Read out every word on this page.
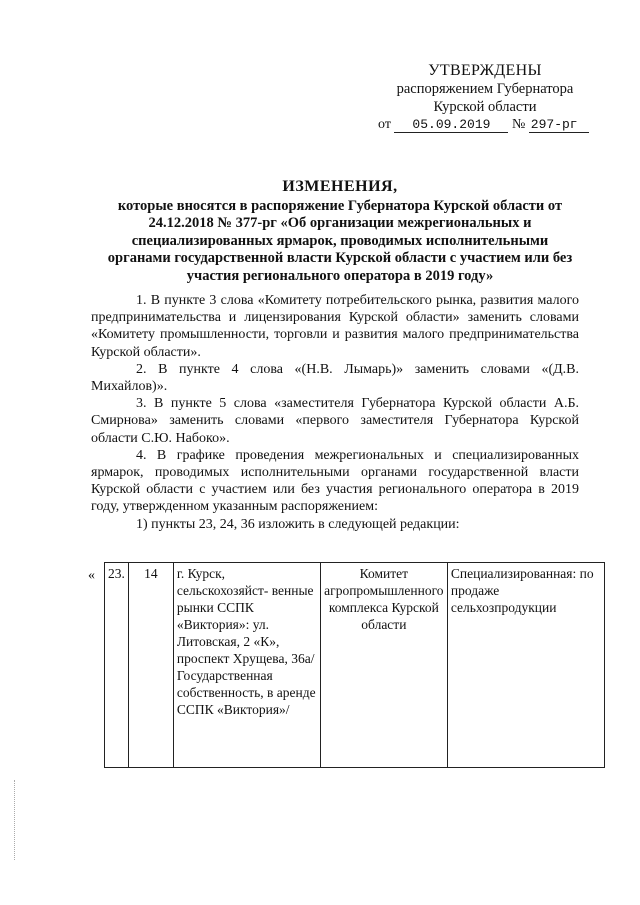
УТВЕРЖДЕНЫ
распоряжением Губернатора
Курской области
от 05.09.2019 № 297-рг
ИЗМЕНЕНИЯ,
которые вносятся в распоряжение Губернатора Курской области от
24.12.2018 № 377-рг «Об организации межрегиональных и
специализированных ярмарок, проводимых исполнительными
органами государственной власти Курской области с участием или без
участия регионального оператора в 2019 году»

1. В пункте 3 слова «Комитету потребительского рынка, развития малого предпринимательства и лицензирования Курской области» заменить словами «Комитету промышленности, торговли и развития малого предпринимательства Курской области».

2. В пункте 4 слова «(Н.В. Лымарь)» заменить словами «(Д.В. Михайлов)».

3. В пункте 5 слова «заместителя Губернатора Курской области А.Б. Смирнова» заменить словами «первого заместителя Губернатора Курской области С.Ю. Набоко».

4. В графике проведения межрегиональных и специализированных ярмарок, проводимых исполнительными органами государственной власти Курской области с участием или без участия регионального оператора в 2019 году, утвержденном указанным распоряжением:

1) пункты 23, 24, 36 изложить в следующей редакции:

« 23.	14	г. Курск, сельскохозяйст- венные рынки ССПК «Виктория»: ул. Литовская, 2 «К», проспект Хрущева, 36а/ Государственная собственность, в аренде ССПК «Виктория»/	Комитет агропромышленного комплекса Курской области	Специализированная: по продаже сельхозпродукции
